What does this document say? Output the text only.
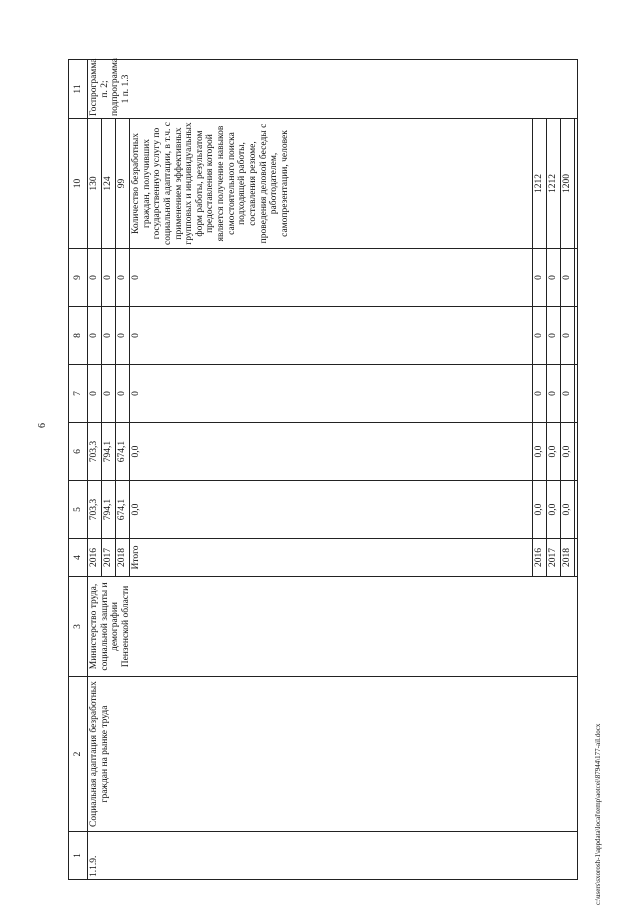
6
c:\users\sxorosh-1\appdata\local\temp\aotcei\87944\177-ail.docx
1	2	3	4	5	6	7	8	9	10	11
1.1.9.	Социальная адаптация безработных граждан на рынке труда	Министерство труда, социальной защиты и демографии Пензенской области	2016	703,3	703,3	0	0	0	130	Госпрограмма п. 2; подпрограмма 1 п. 1.3
			2017	794,1	794,1	0	0	0	124	
			2018	674,1	674,1	0	0	0	99	
			Итого	0,0	0,0	0	0	0	Количество безработных граждан, получивших государственную услугу по социальной адаптации, в т.ч. с применением эффективных групповых и индивидуальных форм работы, результатом предоставления которой является получение навыков самостоятельного поиска подходящей работы, составления резюме, проведения деловой беседы с работодателем, самопрезентации, человек	
			2016	0,0	0,0	0	0	0	1212	
			2017	0,0	0,0	0	0	0	1212	
			2018	0,0	0,0	0	0	0	1200	
